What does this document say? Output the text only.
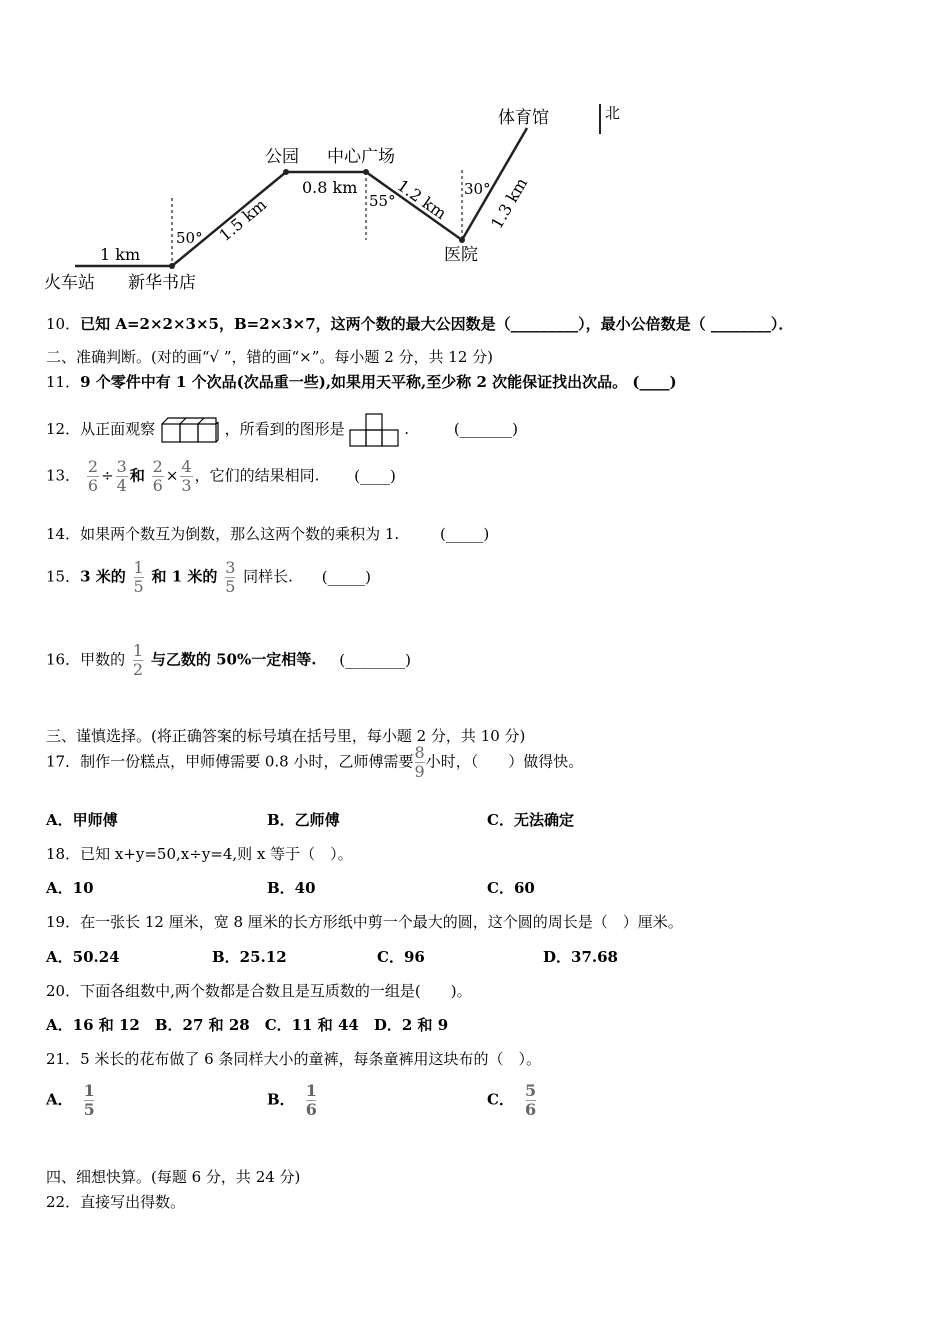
北
体育馆
公园 中心广场
医院
火车站 新华书店
1 km
1.5 km
0.8 km 1.2 km 1.3 km
50°
55°
30°
10．已知 A=2×2×3×5，B=2×3×7，这两个数的最大公因数是（_________），最小公倍数是（ ________）．
二、准确判断。(对的画“√ ”，错的画“×”。每小题 2 分，共 12 分)
11．9 个零件中有 1 个次品(次品重一些),如果用天平称,至少称 2 次能保证找出次品。 (____)
12．从正面观察	，所看到的图形是	.	(_______)
13． $\frac{2}{6} \div \frac{3}{4}$ 和 $\frac{2}{6} \times \frac{4}{3}$ ，它们的结果相同. (____)
14．如果两个数互为倒数，那么这两个数的乘积为 1.	(_____)
15．3 米的 $\frac{1}{5}$ 和 1 米的 $\frac{3}{5}$ 同样长. (_____)
16．甲数的 $\frac{1}{2}$ 与乙数的 50%一定相等. (________)
三、谨慎选择。(将正确答案的标号填在括号里，每小题 2 分，共 10 分)
17．制作一份糕点，甲师傅需要 0.8 小时，乙师傅需要 $\frac{8}{9}$ 小时，（　　）做得快。
A．甲师傅	B．乙师傅	C．无法确定
18．已知 x+y=50,x÷y=4,则 x 等于（　）。
A．10	B．40	C．60
19．在一张长 12 厘米，宽 8 厘米的长方形纸中剪一个最大的圆，这个圆的周长是（　）厘米。
A．50.24	B．25.12	C．96	D．37.68
20．下面各组数中,两个数都是合数且是互质数的一组是(　　)。
A．16 和 12　B．27 和 28　C．11 和 44　D．2 和 9
21．5 米长的花布做了 6 条同样大小的童裤，每条童裤用这块布的（　）。
A． $\frac{1}{5}$	B． $\frac{1}{6}$	C． $\frac{5}{6}$
四、细想快算。(每题 6 分，共 24 分)
22．直接写出得数。
